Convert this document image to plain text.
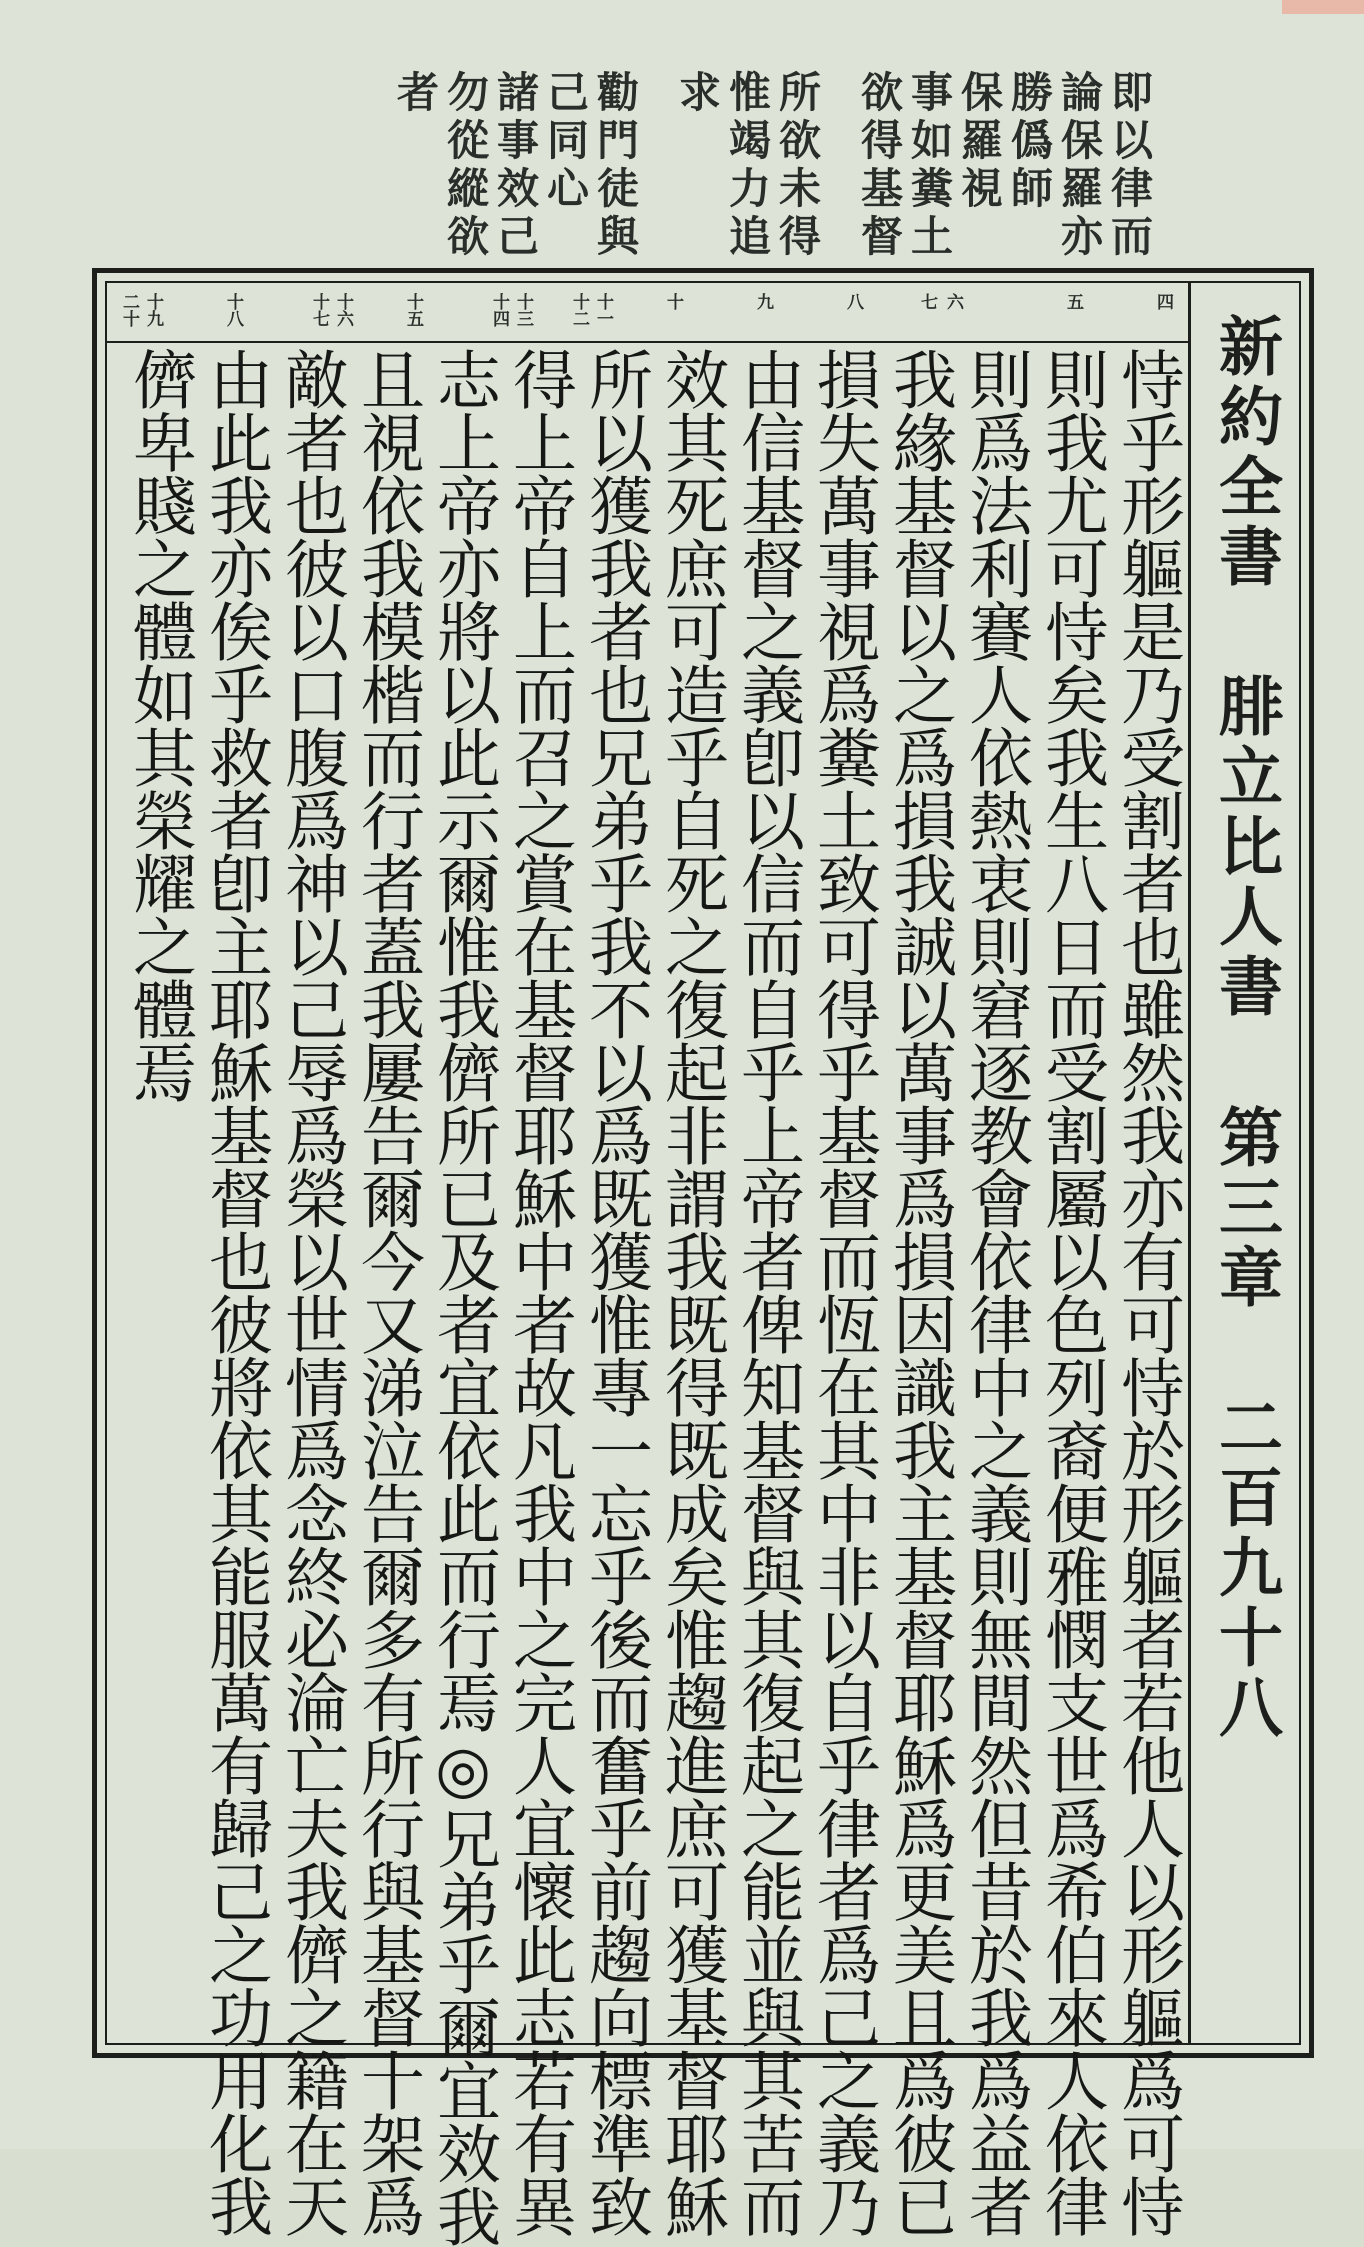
即以律而
論保羅亦
勝僞師
保羅視
事如糞土
欲得基督
所欲未得
惟竭力追
求
勸門徒與
己同心
諸事效己
勿從縱欲
者
新約全書 腓立比人書 第三章 二百九十八
四
五
六
七
八
九
十
十一
十二
十三
十四
十五
十六
十七
十八
十九
二十
恃乎形軀是乃受割者也雖然我亦有可恃於形軀者若他人以形軀爲可恃
則我尤可恃矣我生八日而受割屬以色列裔便雅憫支世爲希伯來人依律
則爲法利賽人依熱衷則窘逐教會依律中之義則無間然但昔於我爲益者
我緣基督以之爲損我誠以萬事爲損因識我主基督耶穌爲更美且爲彼已
損失萬事視爲糞土致可得乎基督而恆在其中非以自乎律者爲己之義乃
由信基督之義卽以信而自乎上帝者俾知基督與其復起之能並與其苦而
效其死庶可造乎自死之復起非謂我既得既成矣惟趨進庶可獲基督耶穌
所以獲我者也兄弟乎我不以爲既獲惟專一忘乎後而奮乎前趨向標準致
得上帝自上而召之賞在基督耶穌中者故凡我中之完人宜懷此志若有異
志上帝亦將以此示爾惟我儕所已及者宜依此而行焉◎兄弟乎爾宜效我
且視依我模楷而行者蓋我屢告爾今又涕泣告爾多有所行與基督十架爲
敵者也彼以口腹爲神以己辱爲榮以世情爲念終必淪亡夫我儕之籍在天
由此我亦俟乎救者卽主耶穌基督也彼將依其能服萬有歸己之功用化我
儕卑賤之體如其榮耀之體焉
